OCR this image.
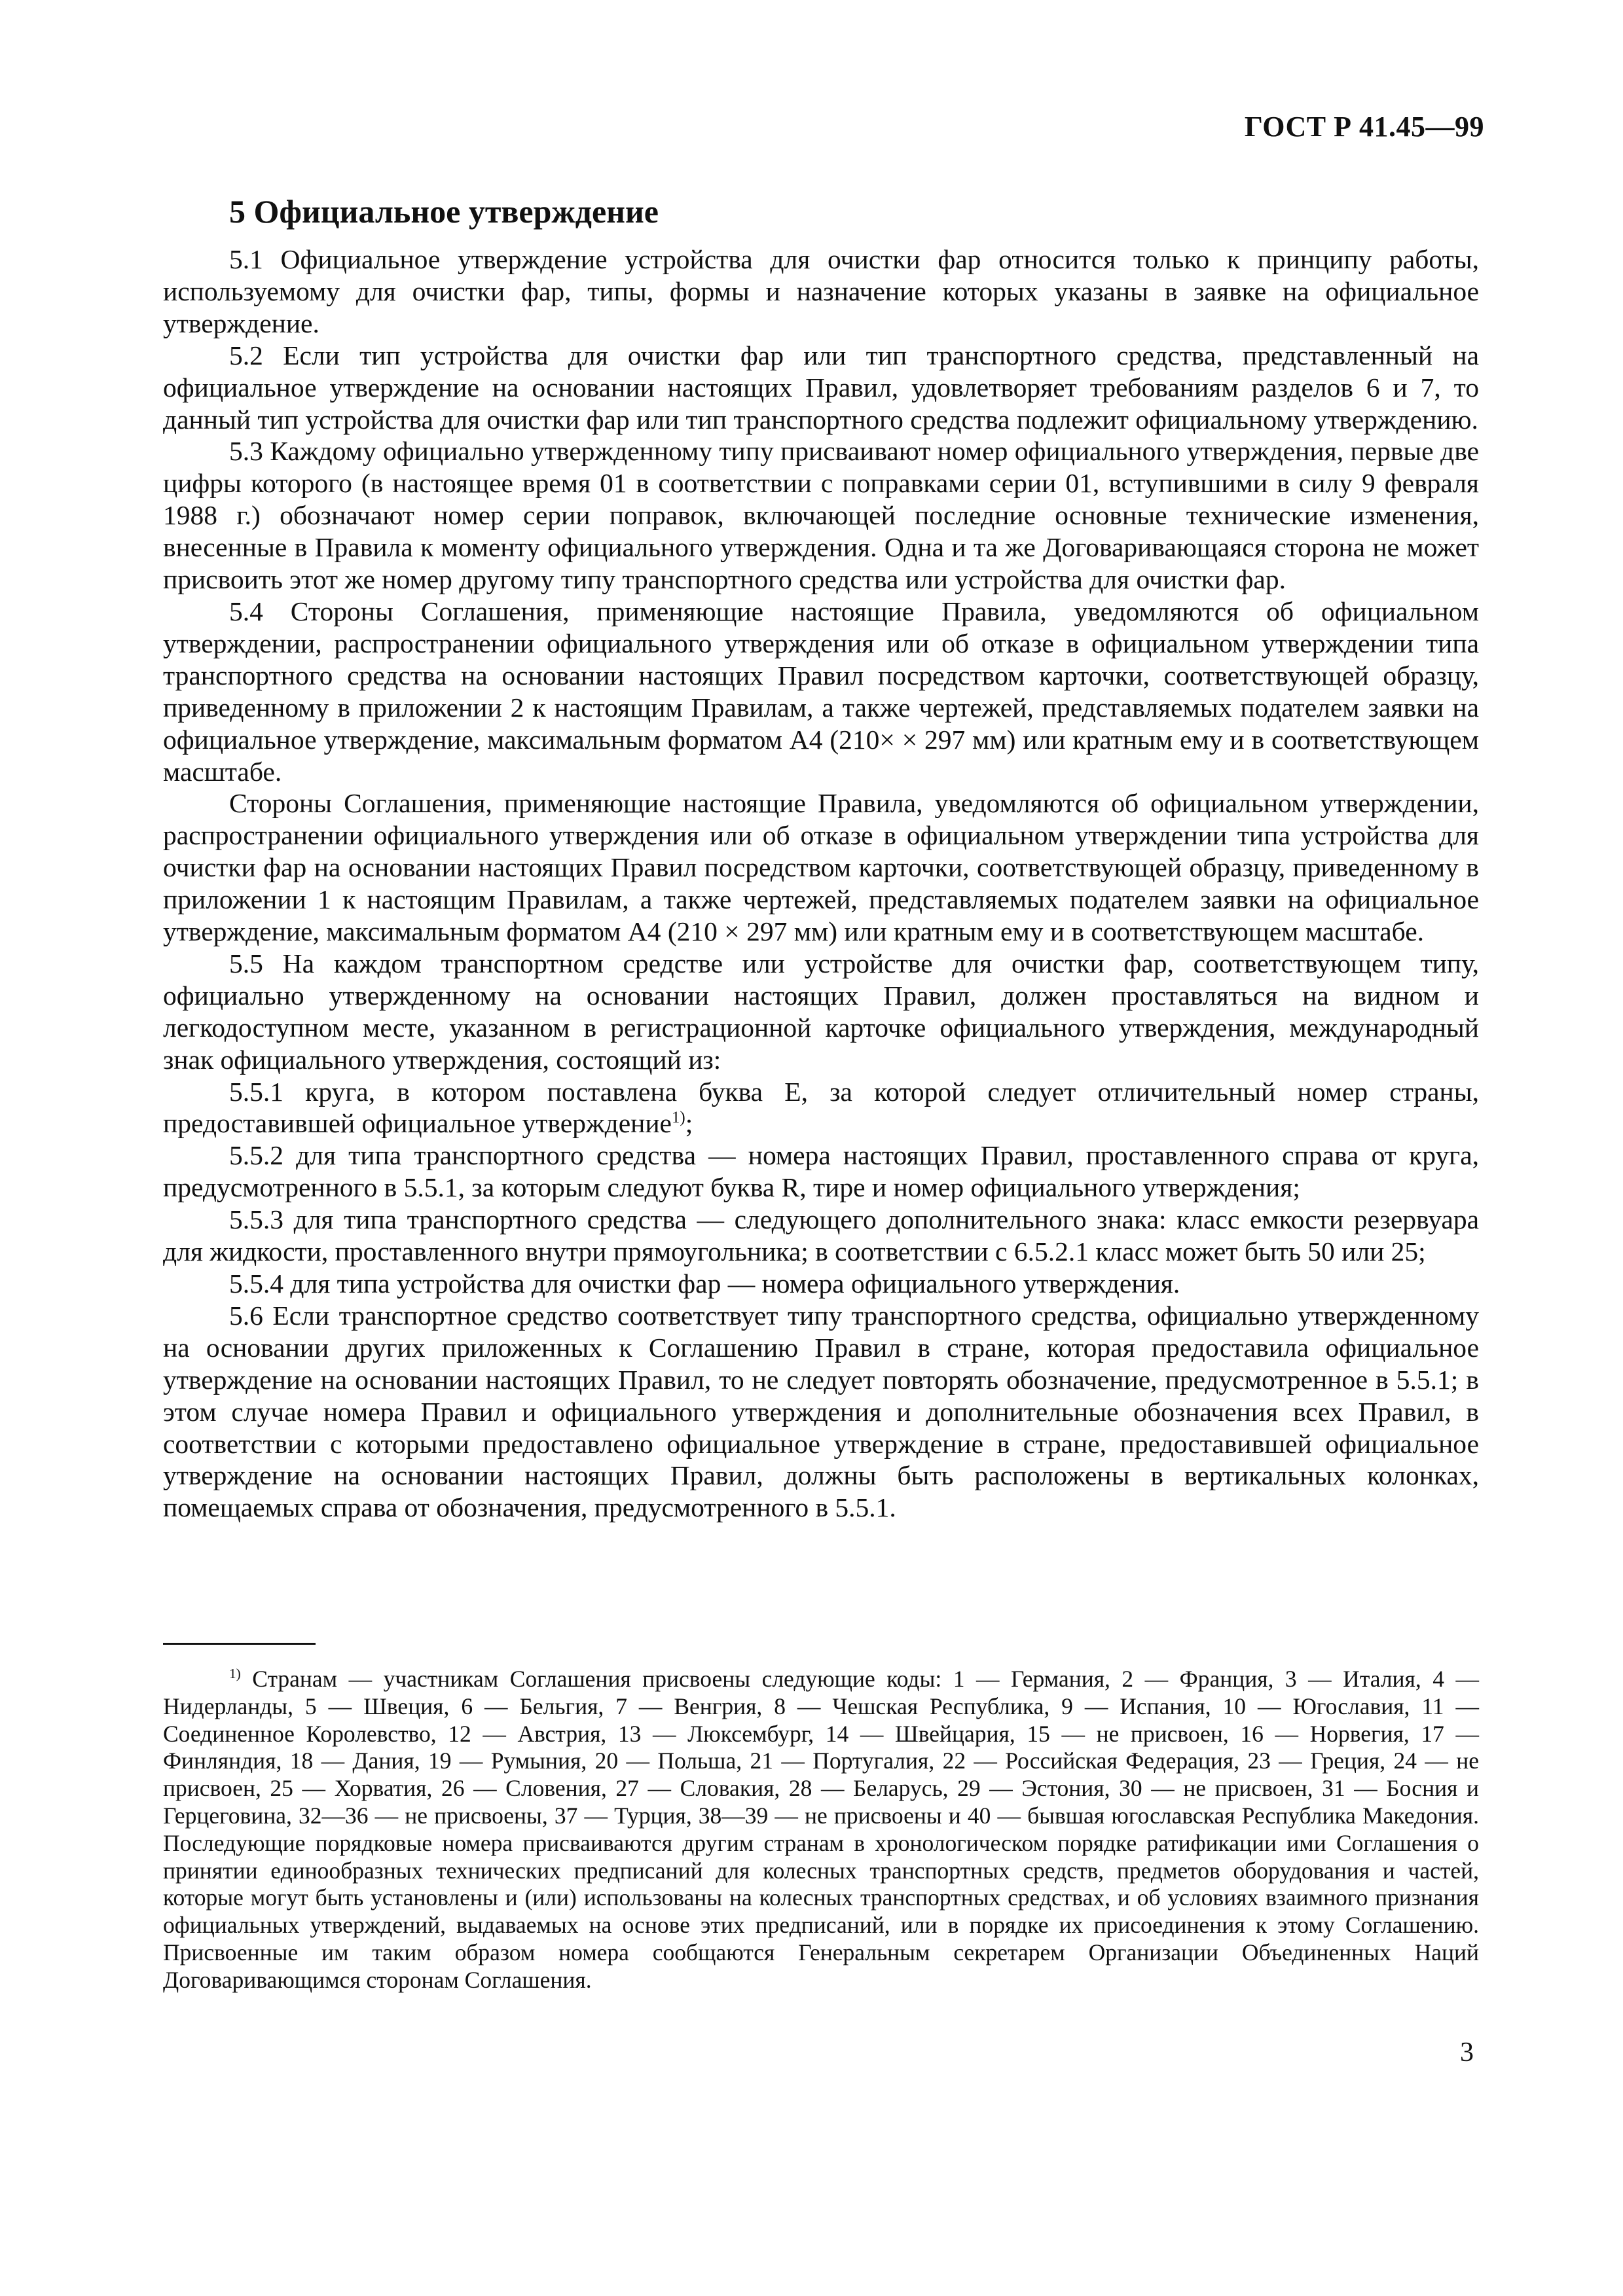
ГОСТ Р 41.45—99
5 Официальное утверждение

5.1 Официальное утверждение устройства для очистки фар относится только к принципу работы, используемому для очистки фар, типы, формы и назначение которых указаны в заявке на официальное утверждение.

5.2 Если тип устройства для очистки фар или тип транспортного средства, представленный на официальное утверждение на основании настоящих Правил, удовлетворяет требованиям разделов 6 и 7, то данный тип устройства для очистки фар или тип транспортного средства подлежит официальному утверждению.

5.3 Каждому официально утвержденному типу присваивают номер официального утверждения, первые две цифры которого (в настоящее время 01 в соответствии с поправками серии 01, вступившими в силу 9 февраля 1988 г.) обозначают номер серии поправок, включающей последние основные технические изменения, внесенные в Правила к моменту официального утверждения. Одна и та же Договаривающаяся сторона не может присвоить этот же номер другому типу транспортного средства или устройства для очистки фар.

5.4 Стороны Соглашения, применяющие настоящие Правила, уведомляются об официальном утверждении, распространении официального утверждения или об отказе в официальном утверждении типа транспортного средства на основании настоящих Правил посредством карточки, соответствующей образцу, приведенному в приложении 2 к настоящим Правилам, а также чертежей, представляемых подателем заявки на официальное утверждение, максимальным форматом А4 (210× × 297 мм) или кратным ему и в соответствующем масштабе.

Стороны Соглашения, применяющие настоящие Правила, уведомляются об официальном утверждении, распространении официального утверждения или об отказе в официальном утверждении типа устройства для очистки фар на основании настоящих Правил посредством карточки, соответствующей образцу, приведенному в приложении 1 к настоящим Правилам, а также чертежей, представляемых подателем заявки на официальное утверждение, максимальным форматом А4 (210 × 297 мм) или кратным ему и в соответствующем масштабе.

5.5 На каждом транспортном средстве или устройстве для очистки фар, соответствующем типу, официально утвержденному на основании настоящих Правил, должен проставляться на видном и легкодоступном месте, указанном в регистрационной карточке официального утверждения, международный знак официального утверждения, состоящий из:

5.5.1 круга, в котором поставлена буква Е, за которой следует отличительный номер страны, предоставившей официальное утверждение$^{1)}$;

5.5.2 для типа транспортного средства — номера настоящих Правил, проставленного справа от круга, предусмотренного в 5.5.1, за которым следуют буква R, тире и номер официального утверждения;

5.5.3 для типа транспортного средства — следующего дополнительного знака: класс емкости резервуара для жидкости, проставленного внутри прямоугольника; в соответствии с 6.5.2.1 класс может быть 50 или 25;

5.5.4 для типа устройства для очистки фар — номера официального утверждения.

5.6 Если транспортное средство соответствует типу транспортного средства, официально утвержденному на основании других приложенных к Соглашению Правил в стране, которая предоставила официальное утверждение на основании настоящих Правил, то не следует повторять обозначение, предусмотренное в 5.5.1; в этом случае номера Правил и официального утверждения и дополнительные обозначения всех Правил, в соответствии с которыми предоставлено официальное утверждение в стране, предоставившей официальное утверждение на основании настоящих Правил, должны быть расположены в вертикальных колонках, помещаемых справа от обозначения, предусмотренного в 5.5.1.

$^{1)}$ Странам — участникам Соглашения присвоены следующие коды: 1 — Германия, 2 — Франция, 3 — Италия, 4 — Нидерланды, 5 — Швеция, 6 — Бельгия, 7 — Венгрия, 8 — Чешская Республика, 9 — Испания, 10 — Югославия, 11 — Соединенное Королевство, 12 — Австрия, 13 — Люксембург, 14 — Швейцария, 15 — не присвоен, 16 — Норвегия, 17 — Финляндия, 18 — Дания, 19 — Румыния, 20 — Польша, 21 — Португалия, 22 — Российская Федерация, 23 — Греция, 24 — не присвоен, 25 — Хорватия, 26 — Словения, 27 — Словакия, 28 — Беларусь, 29 — Эстония, 30 — не присвоен, 31 — Босния и Герцеговина, 32—36 — не присвоены, 37 — Турция, 38—39 — не присвоены и 40 — бывшая югославская Республика Македония. Последующие порядковые номера присваиваются другим странам в хронологическом порядке ратификации ими Соглашения о принятии единообразных технических предписаний для колесных транспортных средств, предметов оборудования и частей, которые могут быть установлены и (или) использованы на колесных транспортных средствах, и об условиях взаимного признания официальных утверждений, выдаваемых на основе этих предписаний, или в порядке их присоединения к этому Соглашению. Присвоенные им таким образом номера сообщаются Генеральным секретарем Организации Объединенных Наций Договаривающимся сторонам Соглашения.

3
